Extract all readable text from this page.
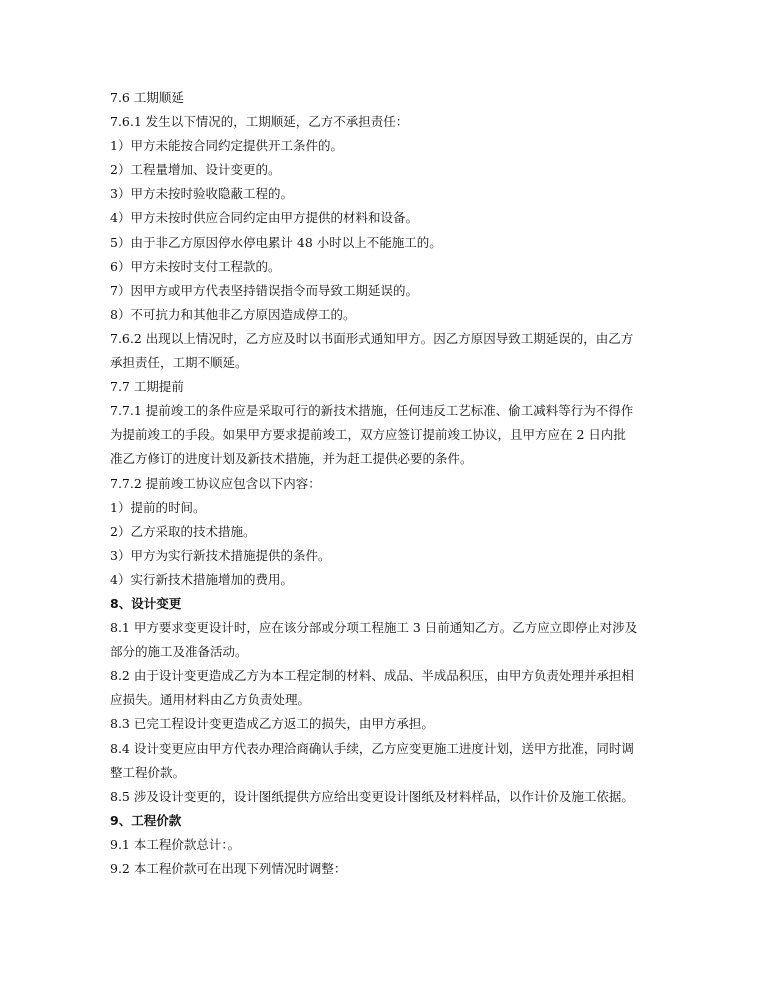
7.6 工期顺延
7.6.1 发生以下情况的，工期顺延，乙方不承担责任：
1）甲方未能按合同约定提供开工条件的。
2）工程量增加、设计变更的。
3）甲方未按时验收隐蔽工程的。
4）甲方未按时供应合同约定由甲方提供的材料和设备。
5）由于非乙方原因停水停电累计 48 小时以上不能施工的。
6）甲方未按时支付工程款的。
7）因甲方或甲方代表坚持错误指令而导致工期延误的。
8）不可抗力和其他非乙方原因造成停工的。
7.6.2 出现以上情况时，乙方应及时以书面形式通知甲方。因乙方原因导致工期延误的，由乙方
承担责任，工期不顺延。
7.7 工期提前
7.7.1 提前竣工的条件应是采取可行的新技术措施，任何违反工艺标准、偷工减料等行为不得作
为提前竣工的手段。如果甲方要求提前竣工，双方应签订提前竣工协议，且甲方应在 2 日内批
准乙方修订的进度计划及新技术措施，并为赶工提供必要的条件。
7.7.2 提前竣工协议应包含以下内容：
1）提前的时间。
2）乙方采取的技术措施。
3）甲方为实行新技术措施提供的条件。
4）实行新技术措施增加的费用。
8、设计变更
8.1 甲方要求变更设计时，应在该分部或分项工程施工 3 日前通知乙方。乙方应立即停止对涉及
部分的施工及准备活动。
8.2 由于设计变更造成乙方为本工程定制的材料、成品、半成品积压，由甲方负责处理并承担相
应损失。通用材料由乙方负责处理。
8.3 已完工程设计变更造成乙方返工的损失，由甲方承担。
8.4 设计变更应由甲方代表办理洽商确认手续，乙方应变更施工进度计划，送甲方批准，同时调
整工程价款。
8.5 涉及设计变更的，设计图纸提供方应给出变更设计图纸及材料样品，以作计价及施工依据。
9、工程价款
9.1 本工程价款总计：。
9.2 本工程价款可在出现下列情况时调整：
